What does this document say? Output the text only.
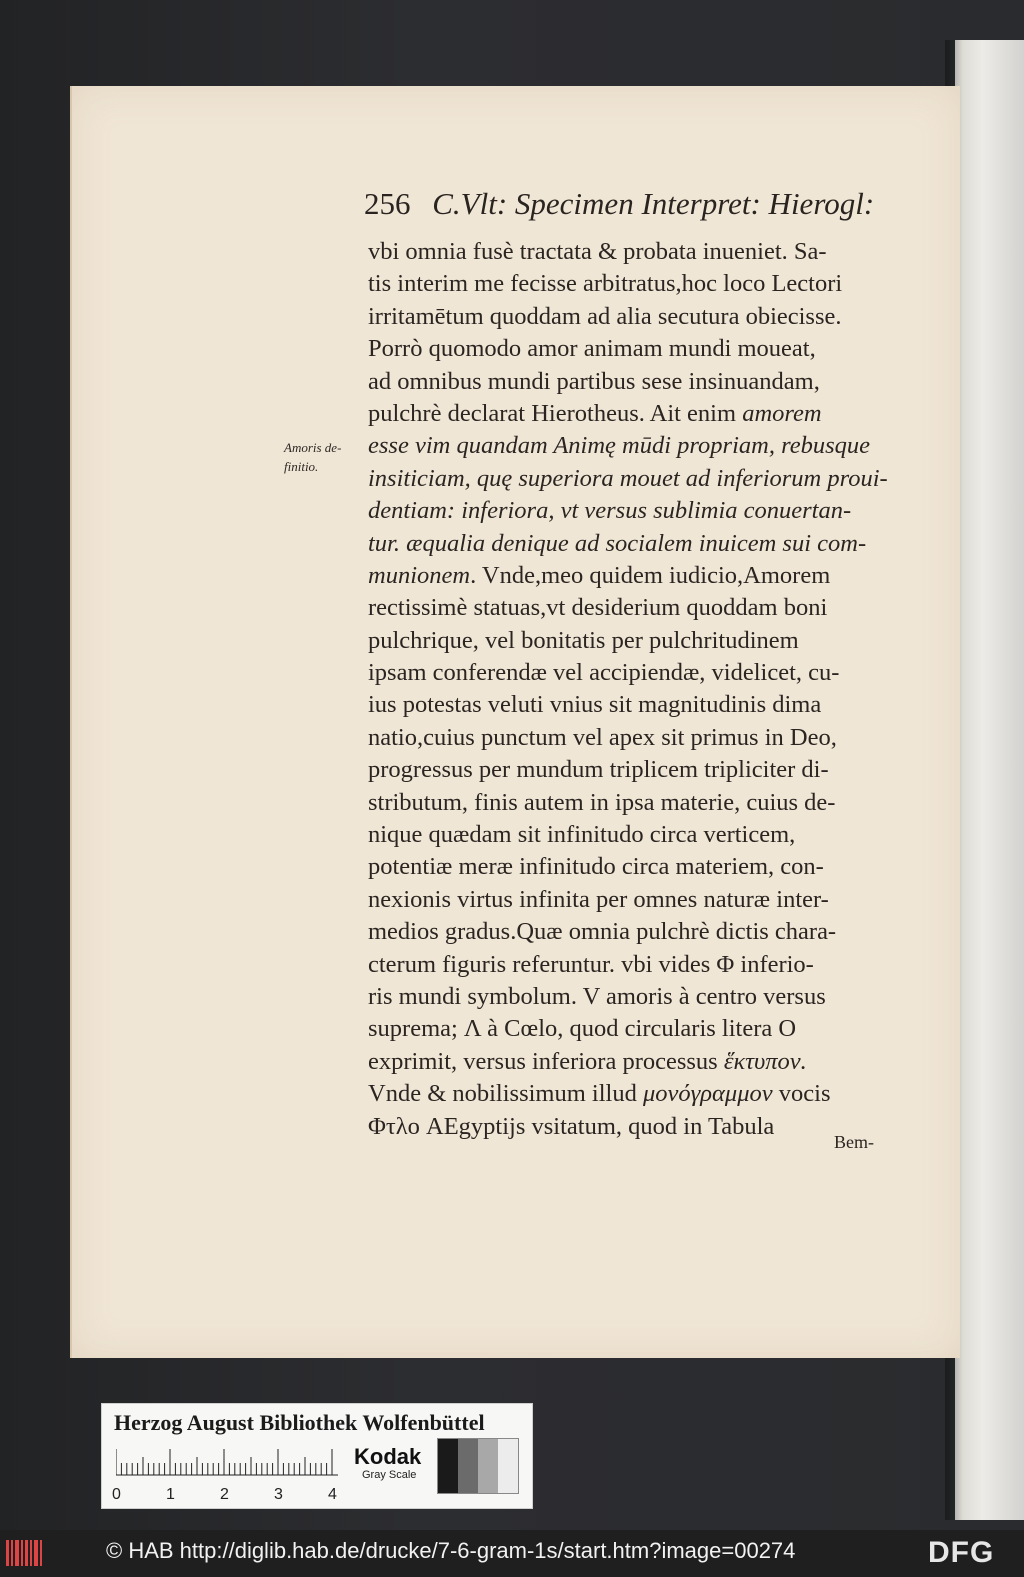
256 C.Vlt: Specimen Interpret: Hierogl:
Amoris de-
finitio.
vbi omnia fusè tractata & probata inueniet. Sa-
tis interim me fecisse arbitratus,hoc loco Lectori
irritamētum quoddam ad alia secutura obiecisse.
Porrò quomodo amor animam mundi moueat,
ad omnibus mundi partibus sese insinuandam,
pulchrè declarat Hierotheus. Ait enim amorem
esse vim quandam Animę mūdi propriam, rebusque
insiticiam, quę superiora mouet ad inferiorum proui-
dentiam: inferiora, vt versus sublimia conuertan-
tur. æqualia denique ad socialem inuicem sui com-
munionem. Vnde,meo quidem iudicio,Amorem
rectissimè statuas,vt desiderium quoddam boni
pulchrique, vel bonitatis per pulchritudinem
ipsam conferendæ vel accipiendæ, videlicet, cu-
ius potestas veluti vnius sit magnitudinis dima
natio,cuius punctum vel apex sit primus in Deo,
progressus per mundum triplicem tripliciter di-
stributum, finis autem in ipsa materie, cuius de-
nique quædam sit infinitudo circa verticem,
potentiæ meræ infinitudo circa materiem, con-
nexionis virtus infinita per omnes naturæ inter-
medios gradus.Quæ omnia pulchrè dictis chara-
cterum figuris referuntur. vbi vides Φ inferio-
ris mundi symbolum. V amoris à centro versus
suprema; Λ à Cœlo, quod circularis litera O
exprimit, versus inferiora processus ἕκτυπον.
Vnde & nobilissimum illud μονόγραμμον vocis
Φτλο AEgyptijs vsitatum, quod in Tabula
Bem-
Herzog August Bibliothek Wolfenbüttel
0	1	2	3	4
Kodak
Gray Scale
© HAB http://diglib.hab.de/drucke/7-6-gram-1s/start.htm?image=00274	DFG
